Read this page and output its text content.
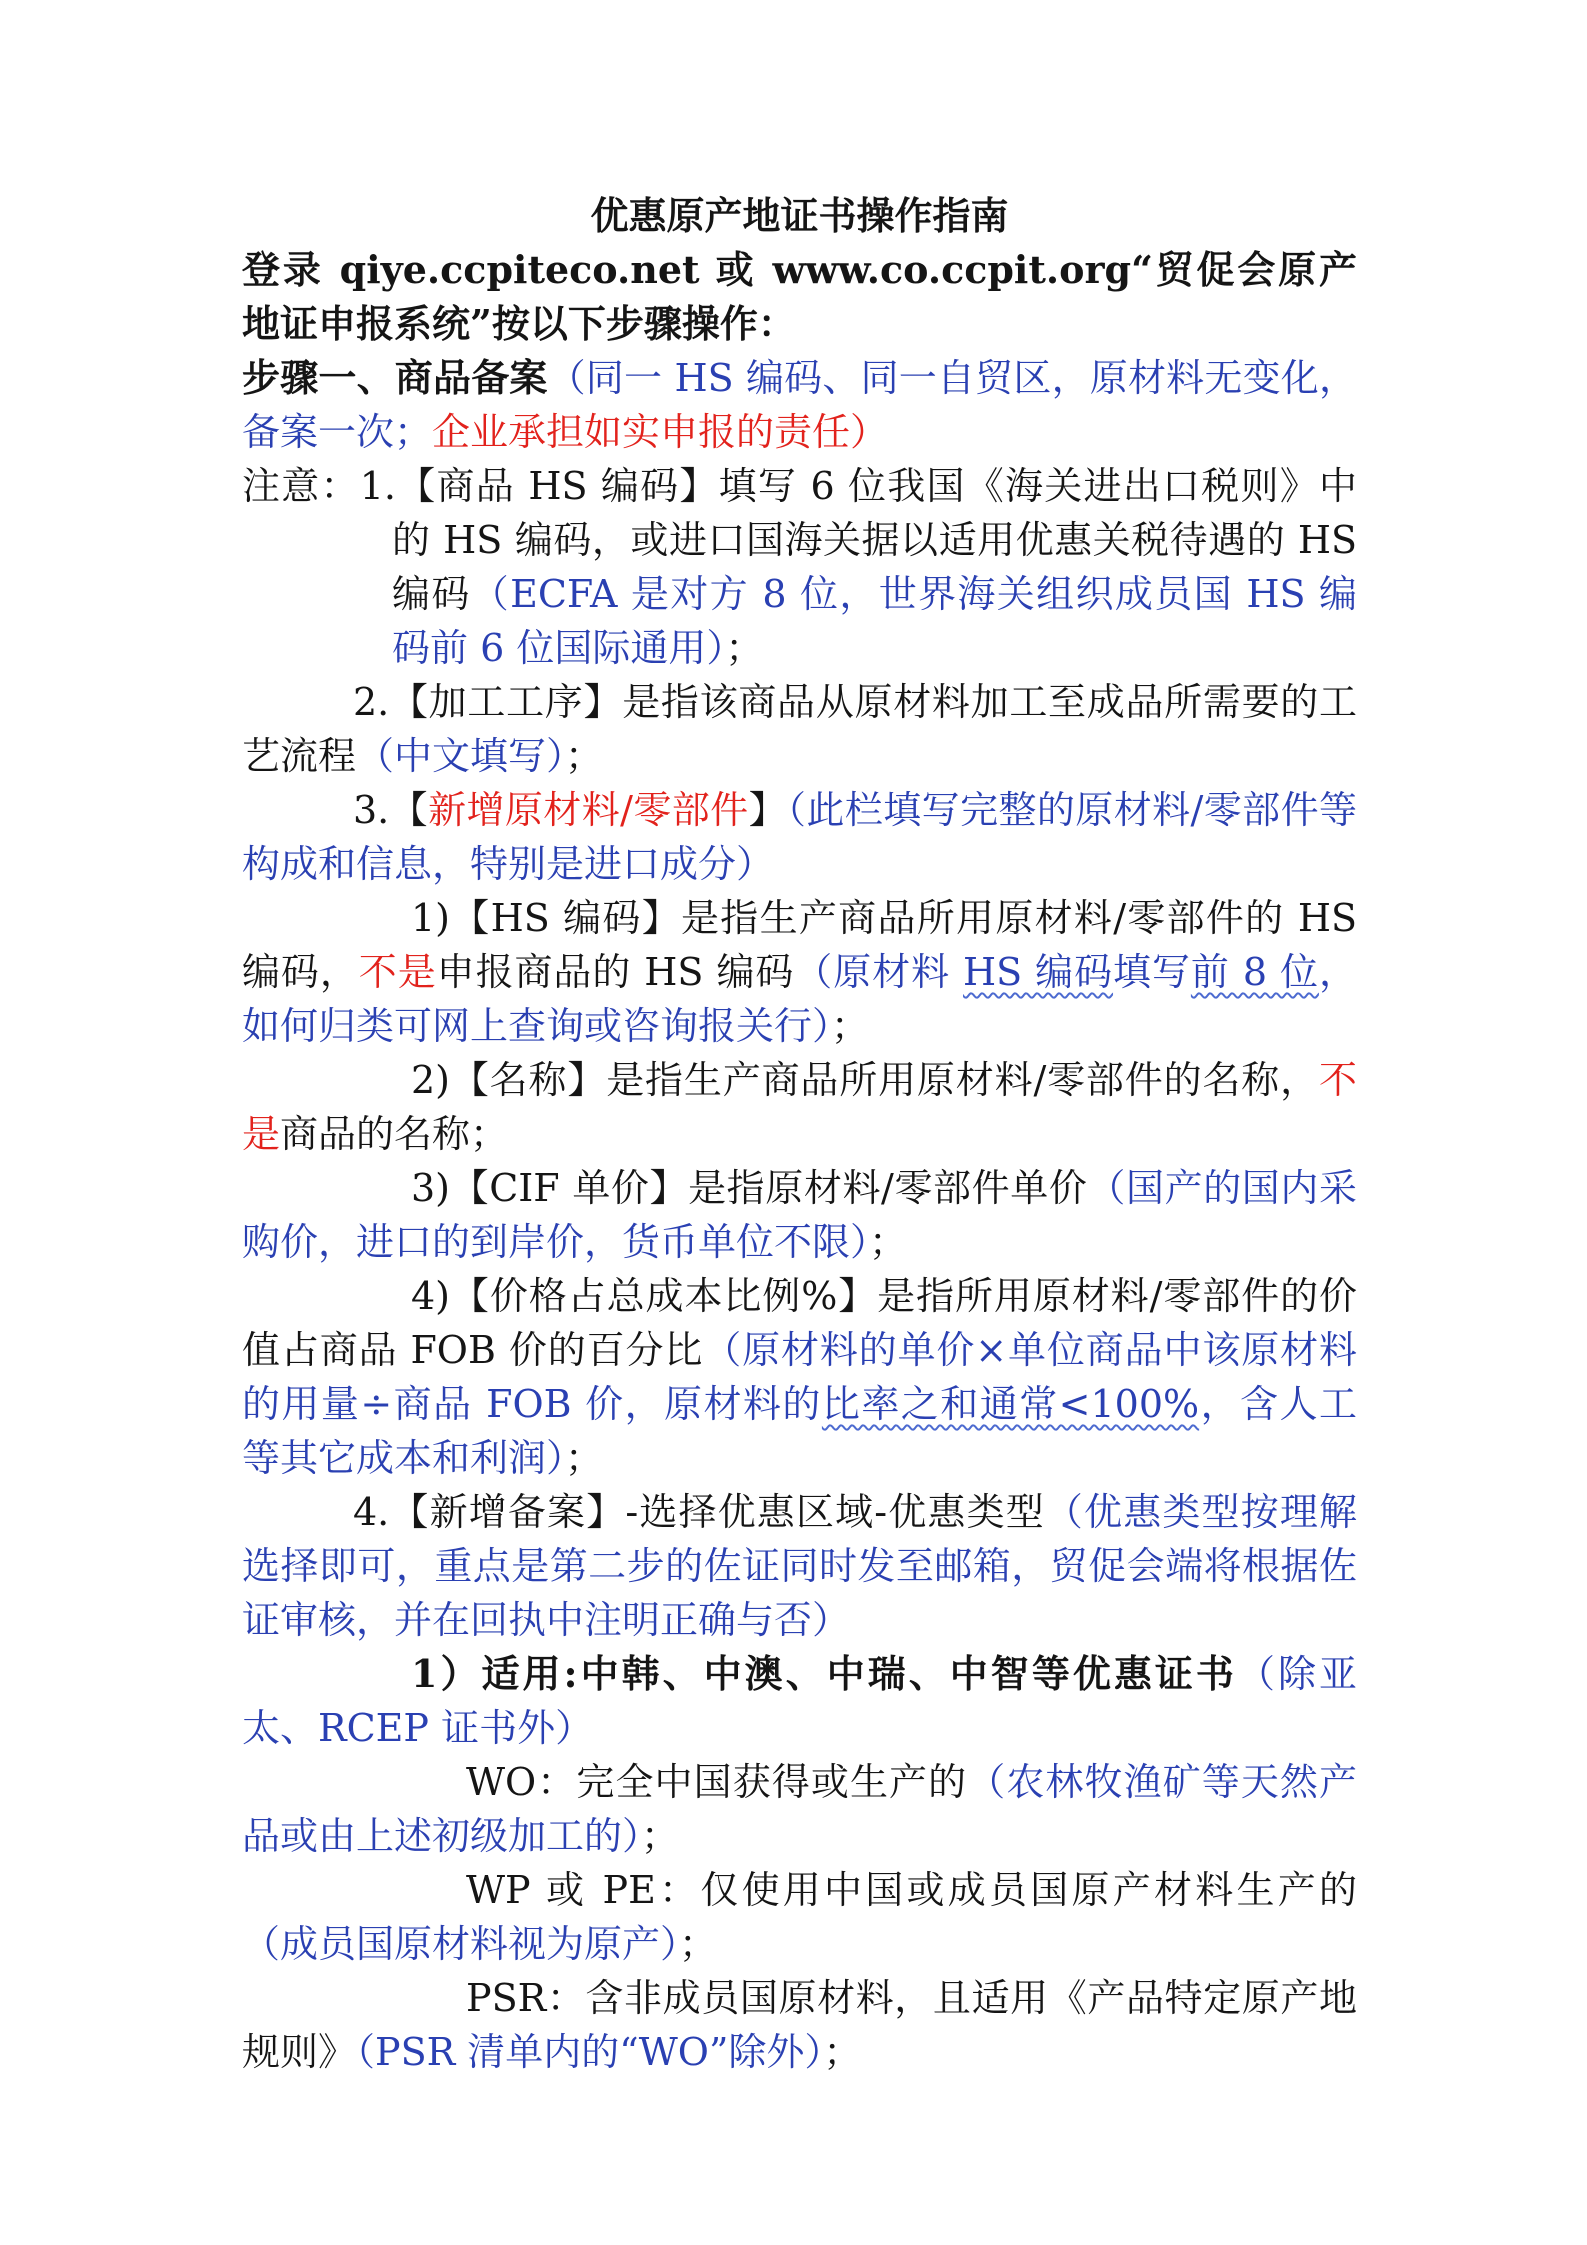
优惠原产地证书操作指南

登录 qiye.ccpiteco.net 或 www.co.ccpit.org“贸促会原产地证申报系统”按以下步骤操作：

步骤一、商品备案（同一 HS 编码、同一自贸区，原材料无变化，备案一次；企业承担如实申报的责任）

注意：1.【商品 HS 编码】填写 6 位我国《海关进出口税则》中的 HS 编码，或进口国海关据以适用优惠关税待遇的 HS 编码（ECFA 是对方 8 位，世界海关组织成员国 HS 编码前 6 位国际通用）；

2.【加工工序】是指该商品从原材料加工至成品所需要的工艺流程（中文填写）；

3.【新增原材料/零部件】（此栏填写完整的原材料/零部件等构成和信息，特别是进口成分）

1)【HS 编码】是指生产商品所用原材料/零部件的 HS 编码，不是申报商品的 HS 编码（原材料 HS 编码填写前 8 位，如何归类可网上查询或咨询报关行）；

2)【名称】是指生产商品所用原材料/零部件的名称，不是商品的名称；

3)【CIF 单价】是指原材料/零部件单价（国产的国内采购价，进口的到岸价，货币单位不限）；

4)【价格占总成本比例%】是指所用原材料/零部件的价值占商品 FOB 价的百分比（原材料的单价×单位商品中该原材料的用量÷商品 FOB 价，原材料的比率之和通常<100%，含人工等其它成本和利润）；

4.【新增备案】-选择优惠区域-优惠类型（优惠类型按理解选择即可，重点是第二步的佐证同时发至邮箱，贸促会端将根据佐证审核，并在回执中注明正确与否）

1）适用:中韩、中澳、中瑞、中智等优惠证书（除亚太、RCEP 证书外）

WO：完全中国获得或生产的（农林牧渔矿等天然产品或由上述初级加工的）；

WP 或 PE：仅使用中国或成员国原产材料生产的（成员国原材料视为原产）；

PSR：含非成员国原材料，且适用《产品特定原产地规则》（PSR 清单内的“WO”除外）；
